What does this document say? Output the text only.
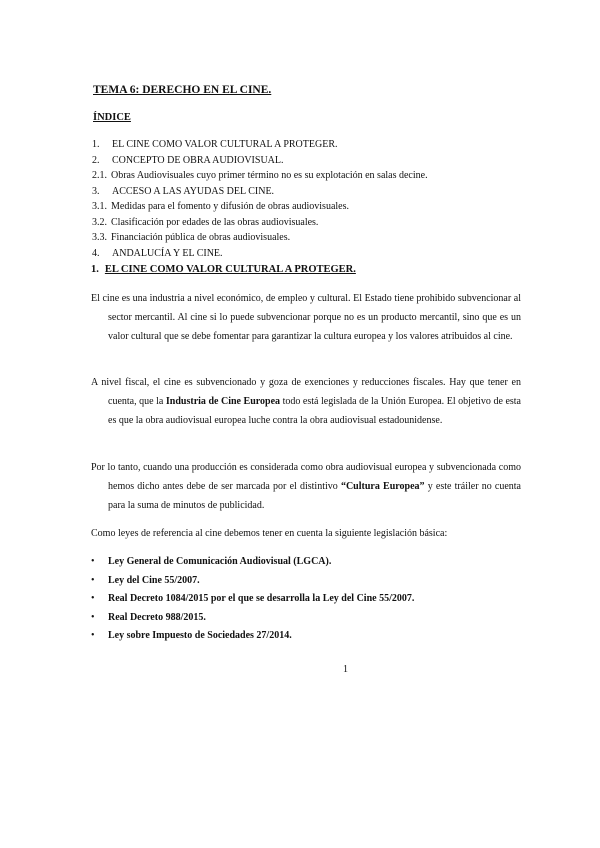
TEMA 6: DERECHO EN EL CINE.
ÍNDICE
1.	EL CINE COMO VALOR CULTURAL A PROTEGER.
2.	CONCEPTO DE OBRA AUDIOVISUAL.
2.1. Obras Audiovisuales cuyo primer término no es su explotación en salas decine.
3.	ACCESO A LAS AYUDAS DEL CINE.
3.1. Medidas para el fomento y difusión de obras audiovisuales.
3.2. Clasificación por edades de las obras audiovisuales.
3.3. Financiación pública de obras audiovisuales.
4.	ANDALUCÍA Y EL CINE.
1. EL CINE COMO VALOR CULTURAL A PROTEGER.
El cine es una industria a nivel económico, de empleo y cultural. El Estado tiene prohibido subvencionar al sector mercantil. Al cine si lo puede subvencionar porque no es un producto mercantil, sino que es un valor cultural que se debe fomentar para garantizar la cultura europea y los valores atribuidos al cine.
A nivel fiscal, el cine es subvencionado y goza de exenciones y reducciones fiscales. Hay que tener en cuenta, que la Industria de Cine Europea todo está legislada de la Unión Europea. El objetivo de esta es que la obra audiovisual europea luche contra la obra audiovisual estadounidense.
Por lo tanto, cuando una producción es considerada como obra audiovisual europea y subvencionada como hemos dicho antes debe de ser marcada por el distintivo “Cultura Europea” y este tráiler no cuenta para la suma de minutos de publicidad.
Como leyes de referencia al cine debemos tener en cuenta la siguiente legislación básica:
•	Ley General de Comunicación Audiovisual (LGCA).
•	Ley del Cine 55/2007.
•	Real Decreto 1084/2015 por el que se desarrolla la Ley del Cine 55/2007.
•	Real Decreto 988/2015.
•	Ley sobre Impuesto de Sociedades 27/2014.
1
